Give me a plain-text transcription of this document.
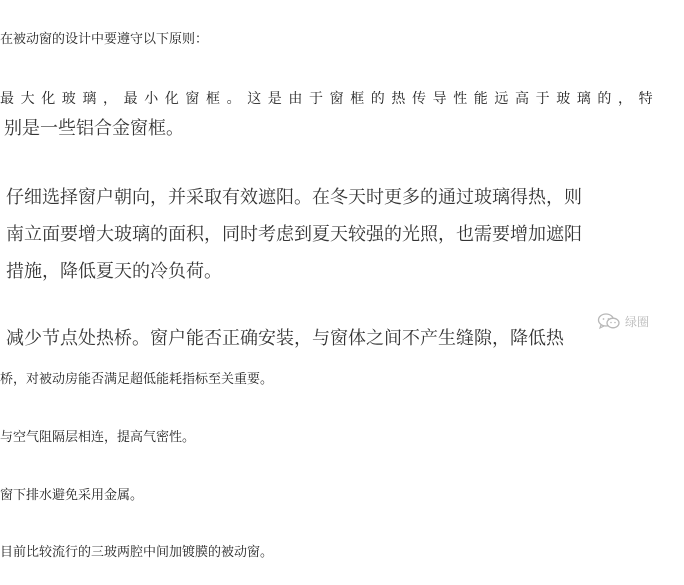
在被动窗的设计中要遵守以下原则：

最大化玻璃，最小化窗框。这是由于窗框的热传导性能远高于玻璃的，特

别是一些铝合金窗框。

仔细选择窗户朝向，并采取有效遮阳。在冬天时更多的通过玻璃得热，则

南立面要增大玻璃的面积，同时考虑到夏天较强的光照，也需要增加遮阳

措施，降低夏天的冷负荷。

减少节点处热桥。窗户能否正确安装，与窗体之间不产生缝隙，降低热

桥，对被动房能否满足超低能耗指标至关重要。

与空气阻隔层相连，提高气密性。

窗下排水避免采用金属。

目前比较流行的三玻两腔中间加镀膜的被动窗。

绿圈
